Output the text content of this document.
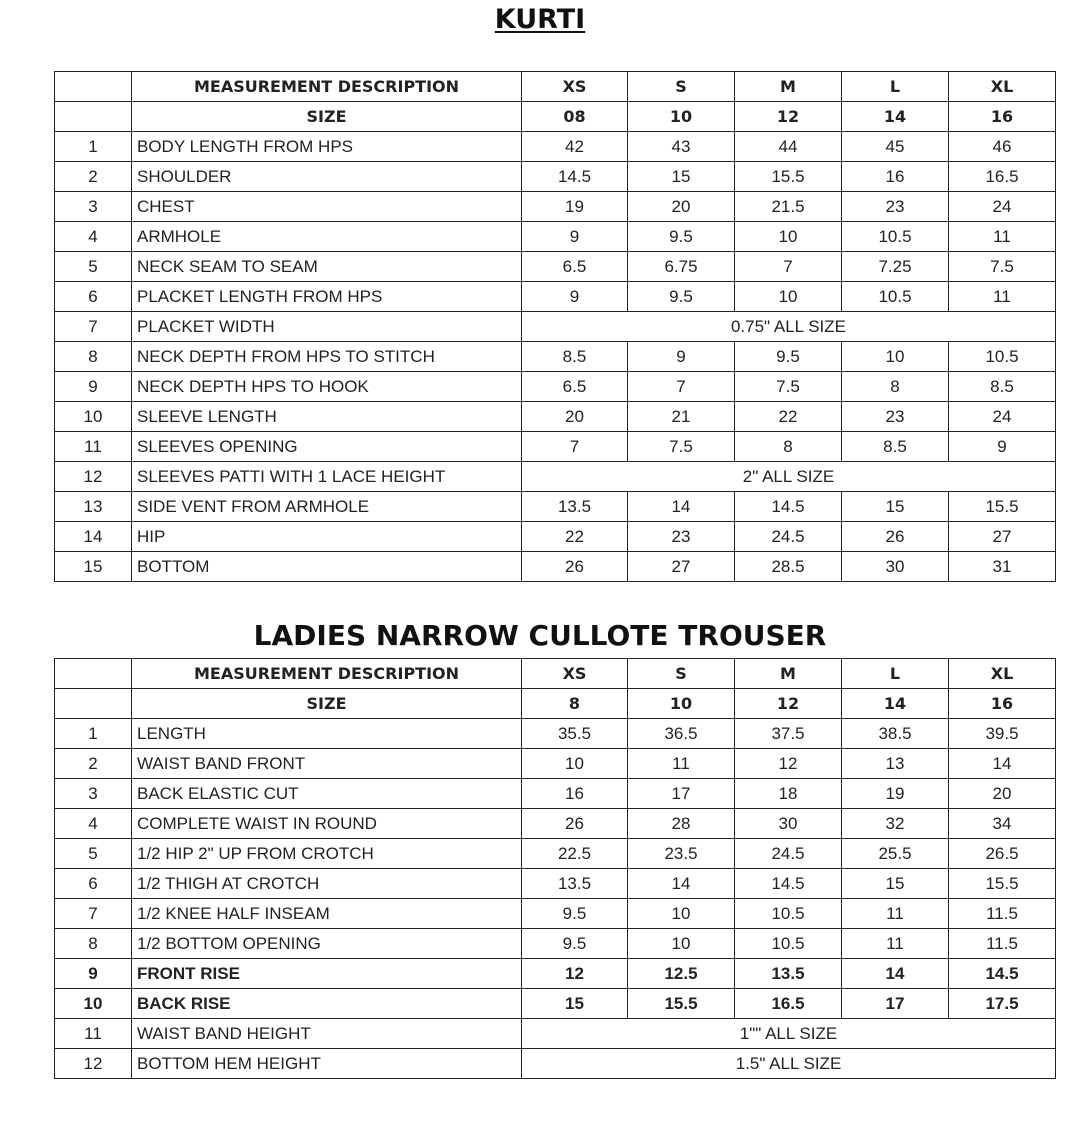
KURTI
	MEASUREMENT DESCRIPTION	XS	S	M	L	XL
	SIZE	08	10	12	14	16
1	BODY LENGTH FROM HPS	42	43	44	45	46
2	SHOULDER	14.5	15	15.5	16	16.5
3	CHEST	19	20	21.5	23	24
4	ARMHOLE	9	9.5	10	10.5	11
5	NECK SEAM TO SEAM	6.5	6.75	7	7.25	7.5
6	PLACKET LENGTH FROM HPS	9	9.5	10	10.5	11
7	PLACKET WIDTH	0.75" ALL SIZE				
8	NECK DEPTH FROM HPS TO STITCH	8.5	9	9.5	10	10.5
9	NECK DEPTH HPS TO HOOK	6.5	7	7.5	8	8.5
10	SLEEVE LENGTH	20	21	22	23	24
11	SLEEVES OPENING	7	7.5	8	8.5	9
12	SLEEVES PATTI WITH 1 LACE HEIGHT	2" ALL SIZE				
13	SIDE VENT FROM ARMHOLE	13.5	14	14.5	15	15.5
14	HIP	22	23	24.5	26	27
15	BOTTOM	26	27	28.5	30	31
LADIES NARROW CULLOTE TROUSER
	MEASUREMENT DESCRIPTION	XS	S	M	L	XL
	SIZE	8	10	12	14	16
1	LENGTH	35.5	36.5	37.5	38.5	39.5
2	WAIST BAND FRONT	10	11	12	13	14
3	BACK ELASTIC CUT	16	17	18	19	20
4	COMPLETE WAIST IN ROUND	26	28	30	32	34
5	1/2 HIP 2" UP FROM CROTCH	22.5	23.5	24.5	25.5	26.5
6	1/2 THIGH AT CROTCH	13.5	14	14.5	15	15.5
7	1/2 KNEE HALF INSEAM	9.5	10	10.5	11	11.5
8	1/2 BOTTOM OPENING	9.5	10	10.5	11	11.5
9	FRONT RISE	12	12.5	13.5	14	14.5
10	BACK RISE	15	15.5	16.5	17	17.5
11	WAIST BAND HEIGHT	1"" ALL SIZE				
12	BOTTOM HEM HEIGHT	1.5" ALL SIZE				
